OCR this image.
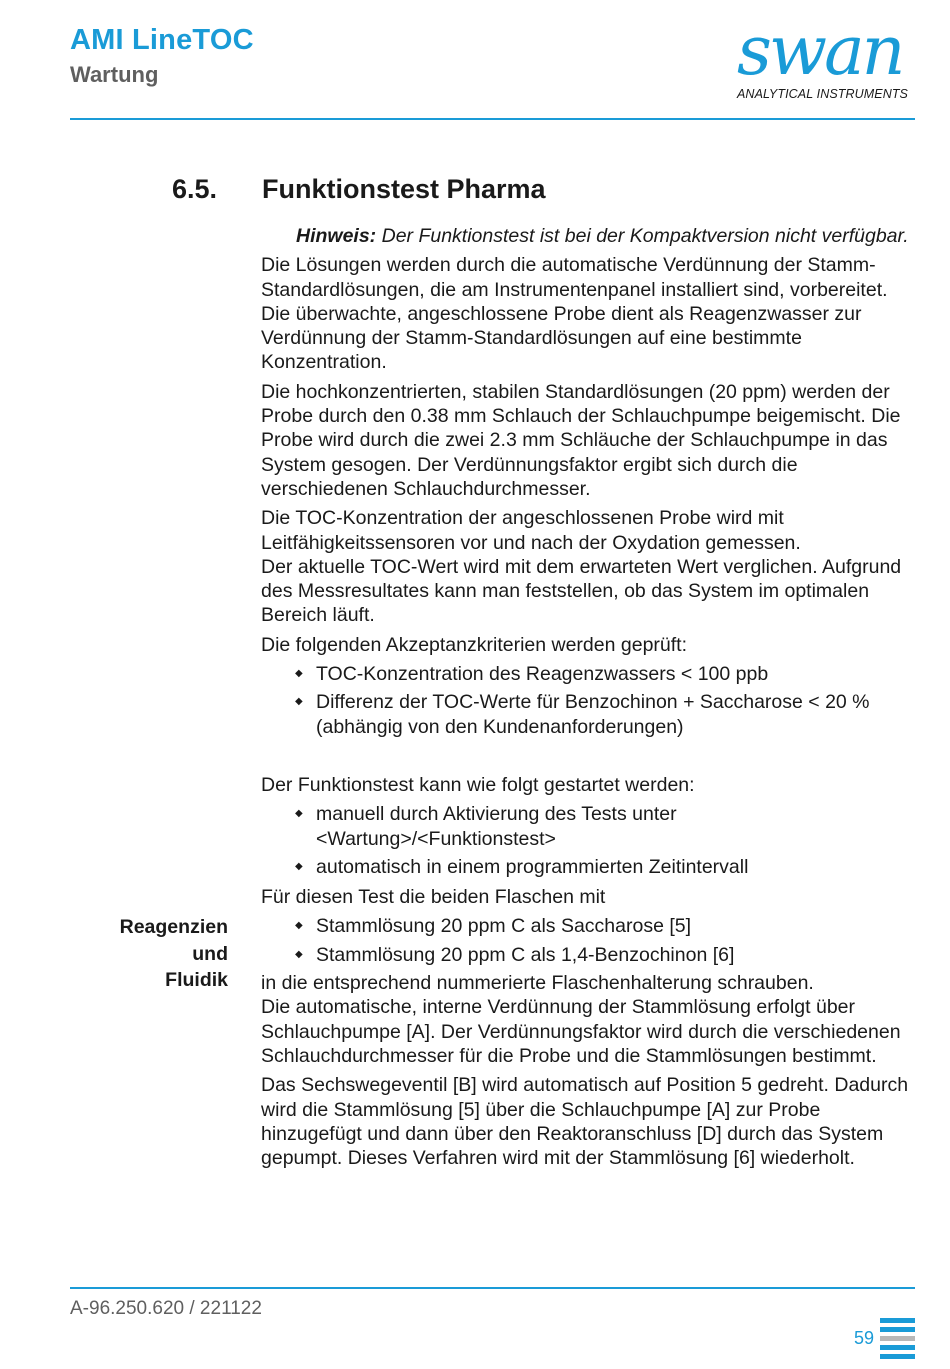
AMI LineTOC
Wartung	swan
ANALYTICAL INSTRUMENTS
6.5. Funktionstest Pharma

Hinweis: Der Funktionstest ist bei der Kompaktversion nicht verfügbar.

Die Lösungen werden durch die automatische Verdünnung der Stamm-Standardlösungen, die am Instrumentenpanel installiert sind, vorbereitet. Die überwachte, angeschlossene Probe dient als Reagenzwasser zur Verdünnung der Stamm-Standardlösungen auf eine bestimmte Konzentration.

Die hochkonzentrierten, stabilen Standardlösungen (20 ppm) werden der Probe durch den 0.38 mm Schlauch der Schlauchpumpe beigemischt. Die Probe wird durch die zwei 2.3 mm Schläuche der Schlauchpumpe in das System gesogen. Der Verdünnungsfaktor ergibt sich durch die verschiedenen Schlauchdurchmesser.

Die TOC-Konzentration der angeschlossenen Probe wird mit Leitfähigkeitssensoren vor und nach der Oxydation gemessen.

Der aktuelle TOC-Wert wird mit dem erwarteten Wert verglichen. Aufgrund des Messresultates kann man feststellen, ob das System im optimalen Bereich läuft.

Die folgenden Akzeptanzkriterien werden geprüft:

◆ TOC-Konzentration des Reagenzwassers < 100 ppb
◆ Differenz der TOC-Werte für Benzochinon + Saccharose < 20 % (abhängig von den Kundenanforderungen)

Der Funktionstest kann wie folgt gestartet werden:

◆ manuell durch Aktivierung des Tests unter <Wartung>/<Funktionstest>
◆ automatisch in einem programmierten Zeitintervall

Für diesen Test die beiden Flaschen mit

◆ Stammlösung 20 ppm C als Saccharose [5]
◆ Stammlösung 20 ppm C als 1,4-Benzochinon [6]

in die entsprechend nummerierte Flaschenhalterung schrauben.

Die automatische, interne Verdünnung der Stammlösung erfolgt über Schlauchpumpe [A]. Der Verdünnungsfaktor wird durch die verschiedenen Schlauchdurchmesser für die Probe und die Stammlösungen bestimmt.

Das Sechswegeventil [B] wird automatisch auf Position 5 gedreht. Dadurch wird die Stammlösung [5] über die Schlauchpumpe [A] zur Probe hinzugefügt und dann über den Reaktoranschluss [D] durch das System gepumpt. Dieses Verfahren wird mit der Stammlösung [6] wiederholt.

Reagenzien
und
Fluidik
A-96.250.620 / 221122
59
